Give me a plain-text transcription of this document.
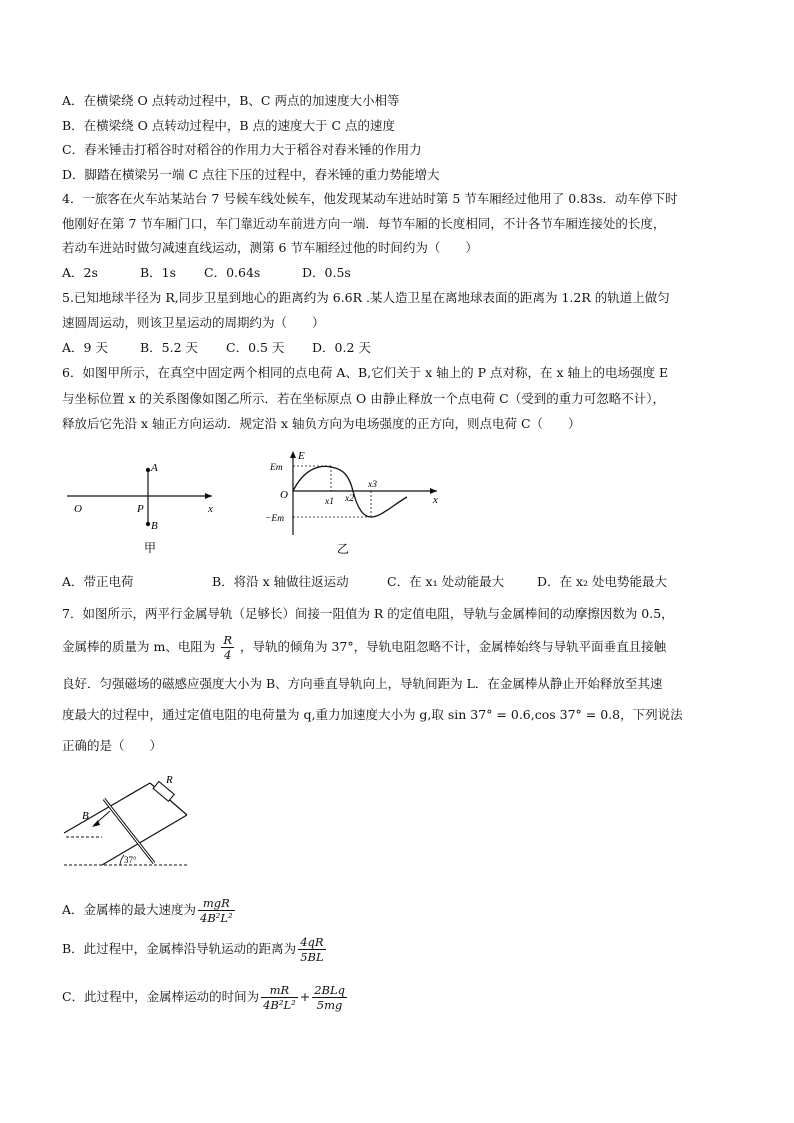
A．在横梁绕 O 点转动过程中，B、C 两点的加速度大小相等
B．在横梁绕 O 点转动过程中，B 点的速度大于 C 点的速度
C．舂米锤击打稻谷时对稻谷的作用力大于稻谷对舂米锤的作用力
D．脚踏在横梁另一端 C 点往下压的过程中，舂米锤的重力势能增大
4．一旅客在火车站某站台 7 号候车线处候车，他发现某动车进站时第 5 节车厢经过他用了 0.83s．动车停下时
他刚好在第 7 节车厢门口，车门靠近动车前进方向一端．每节车厢的长度相同，不计各节车厢连接处的长度，
若动车进站时做匀减速直线运动，测第 6 节车厢经过他的时间约为（　　）
A．2s	B．1s C．0.64s	D．0.5s
5.已知地球半径为 R,同步卫星到地心的距离约为 6.6R .某人造卫星在离地球表面的距离为 1.2R 的轨道上做匀
速圆周运动，则该卫星运动的周期约为（　　）
A．9 天	B．5.2 天 C．0.5 天 D．0.2 天
6．如图甲所示，在真空中固定两个相同的点电荷 A、B,它们关于 x 轴上的 P 点对称，在 x 轴上的电场强度 E
与坐标位置 x 的关系图像如图乙所示．若在坐标原点 O 由静止释放一个点电荷 C（受到的重力可忽略不计），
释放后它先沿 x 轴正方向运动．规定沿 x 轴负方向为电场强度的正方向，则点电荷 C（　　）
A
B
O	P	x
甲
E
Em
−Em
O	x
x1 x2
x3
乙
A．带正电荷	B．将沿 x 轴做往返运动	C．在 x₁ 处动能最大	D．在 x₂ 处电势能最大
7．如图所示，两平行金属导轨（足够长）间接一阻值为 R 的定值电阻，导轨与金属棒间的动摩擦因数为 0.5，
金属棒的质量为 m、电阻为 $\frac{R}{4}$ ，导轨的倾角为 37°，导轨电阻忽略不计，金属棒始终与导轨平面垂直且接触
良好．匀强磁场的磁感应强度大小为 B、方向垂直导轨向上，导轨间距为 L．在金属棒从静止开始释放至其速
度最大的过程中，通过定值电阻的电荷量为 q,重力加速度大小为 g,取 sin 37° = 0.6,cos 37° = 0.8，下列说法
正确的是（　　）
R
B
37°
A．金属棒的最大速度为 $\frac{\text{mgR}}{\text{4B²L²}}$
B．此过程中，金属棒沿导轨运动的距离为 $\frac{4qR}{5BL}$
C．此过程中，金属棒运动的时间为 $\frac{mR}{\text{4B²L²}} + \frac{\text{2BLq}}{5mg}$
